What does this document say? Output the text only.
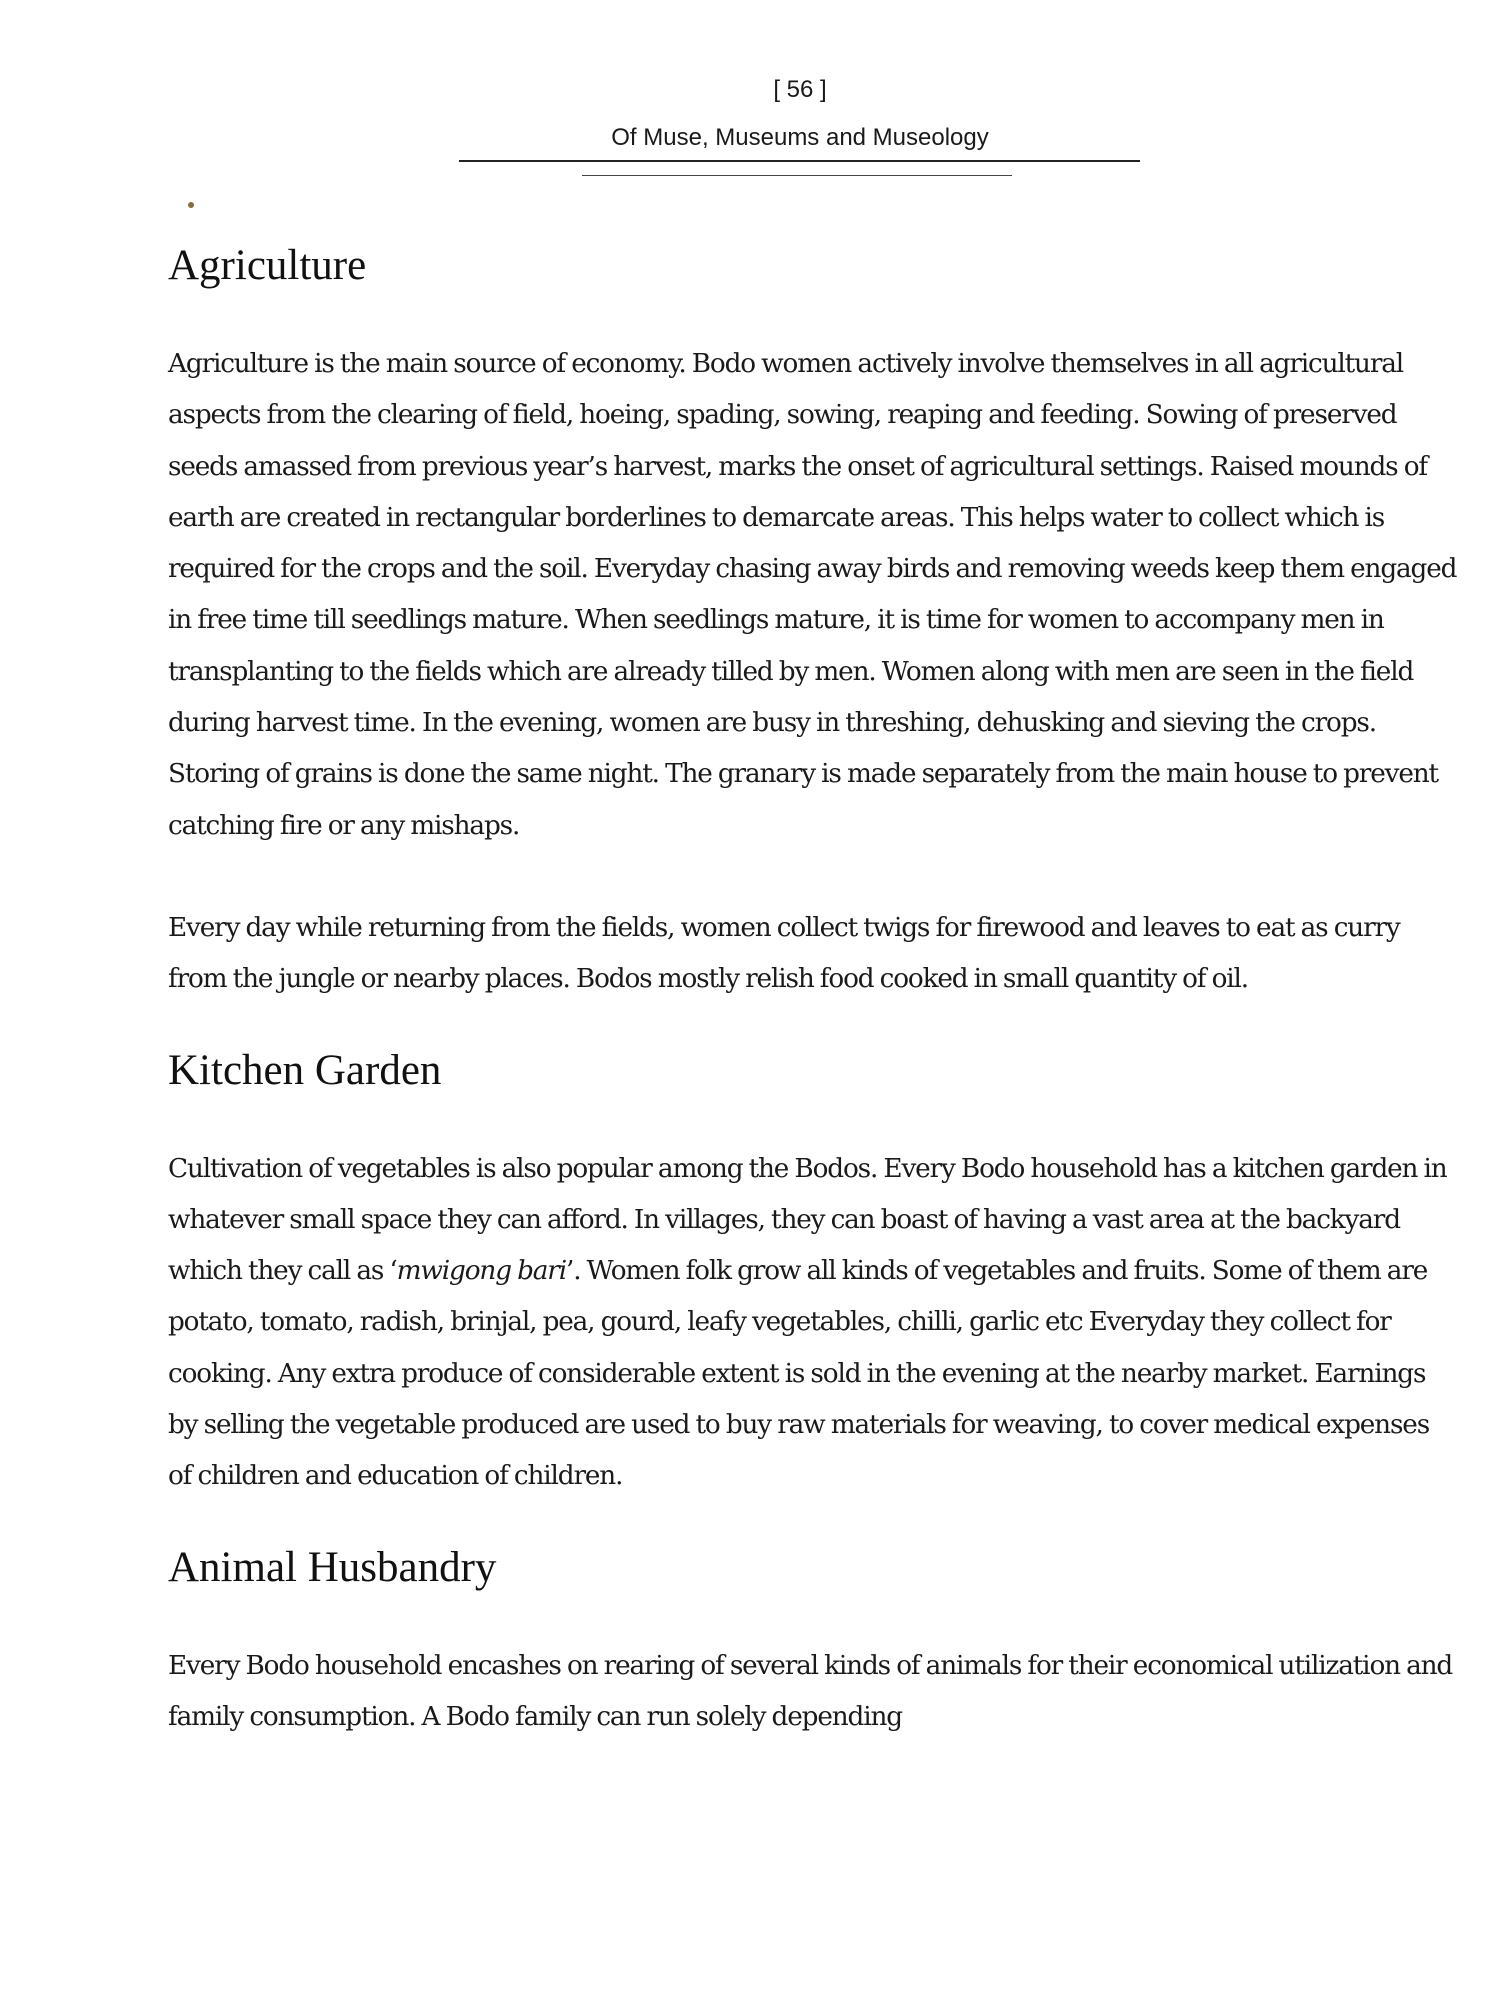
[ 56 ]
Of Muse, Museums and Museology
Agriculture

Agriculture is the main source of economy. Bodo women actively involve themselves in all agricultural aspects from the clearing of field, hoeing, spading, sowing, reaping and feeding. Sowing of preserved seeds amassed from previous year’s harvest, marks the onset of agricultural settings. Raised mounds of earth are created in rectangular borderlines to demarcate areas. This helps water to collect which is required for the crops and the soil. Everyday chasing away birds and removing weeds keep them engaged in free time till seedlings mature. When seedlings mature, it is time for women to accompany men in transplanting to the fields which are already tilled by men. Women along with men are seen in the field during harvest time. In the evening, women are busy in threshing, dehusking and sieving the crops. Storing of grains is done the same night. The granary is made separately from the main house to prevent catching fire or any mishaps.

Every day while returning from the fields, women collect twigs for firewood and leaves to eat as curry from the jungle or nearby places. Bodos mostly relish food cooked in small quantity of oil.

Kitchen Garden

Cultivation of vegetables is also popular among the Bodos. Every Bodo household has a kitchen garden in whatever small space they can afford. In villages, they can boast of having a vast area at the backyard which they call as ‘mwigong bari’. Women folk grow all kinds of vegetables and fruits. Some of them are potato, tomato, radish, brinjal, pea, gourd, leafy vegetables, chilli, garlic etc Everyday they collect for cooking. Any extra produce of considerable extent is sold in the evening at the nearby market. Earnings by selling the vegetable produced are used to buy raw materials for weaving, to cover medical expenses of children and education of children.

Animal Husbandry

Every Bodo household encashes on rearing of several kinds of animals for their economical utilization and family consumption. A Bodo family can run solely depending
